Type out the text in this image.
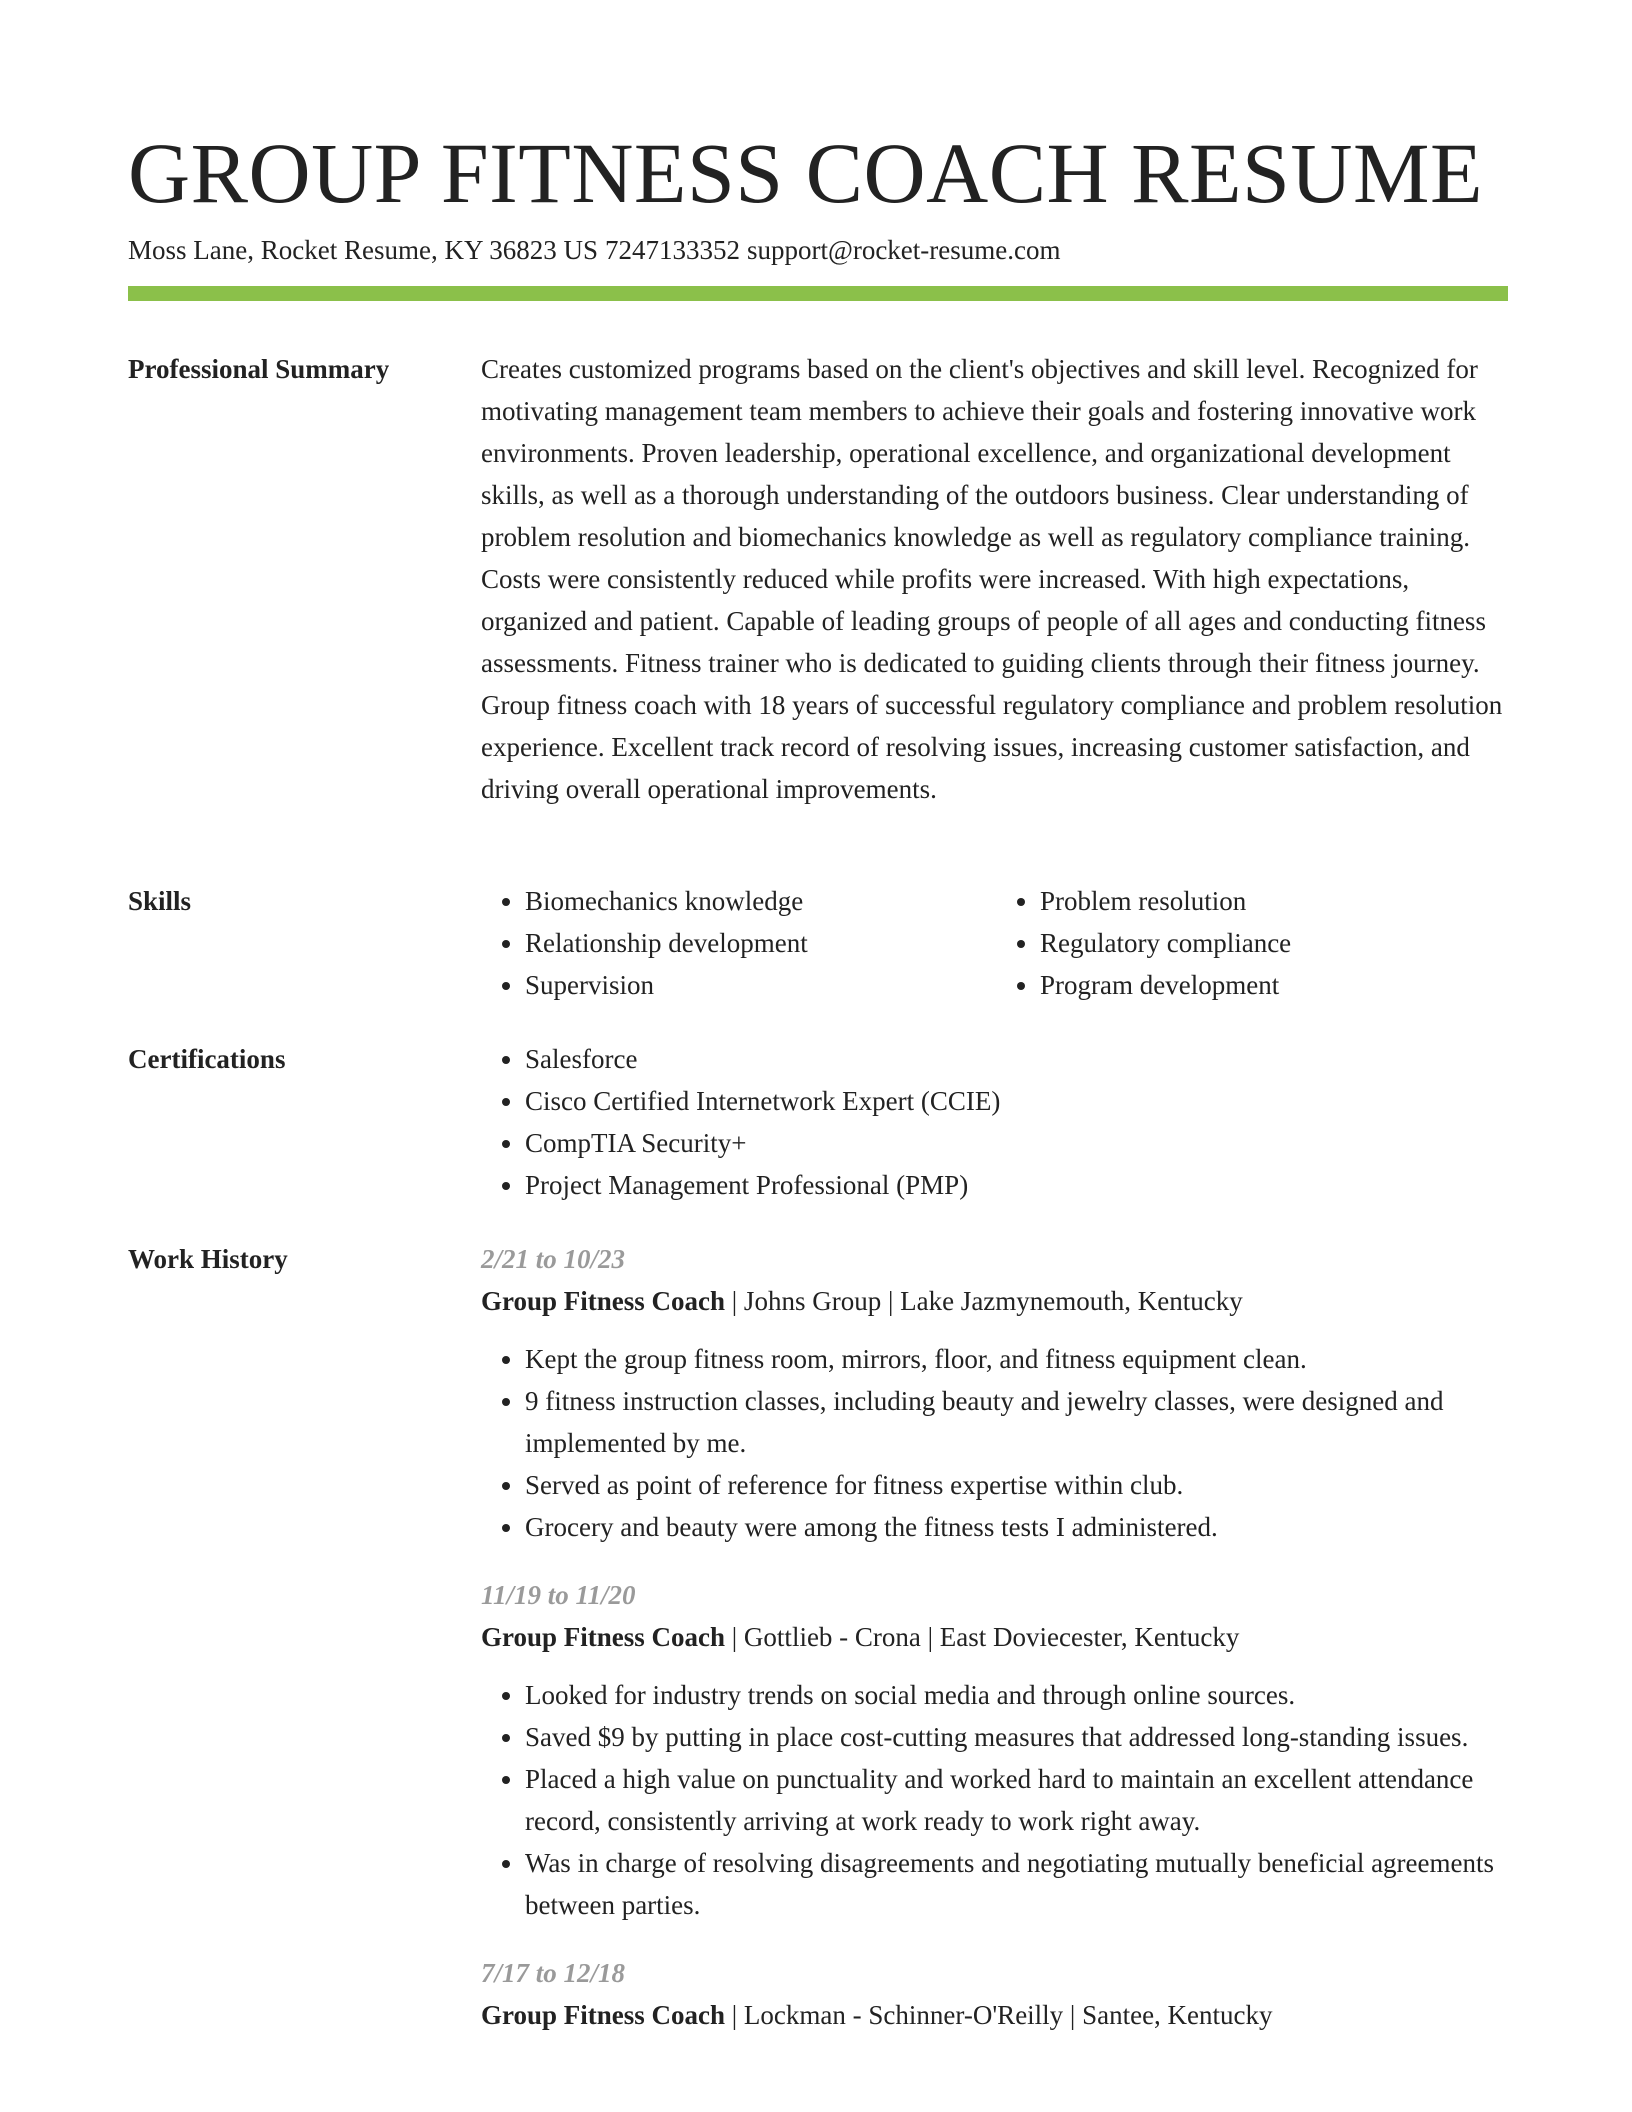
GROUP FITNESS COACH RESUME
Moss Lane, Rocket Resume, KY 36823 US 7247133352 support@rocket-resume.com
Professional Summary	Creates customized programs based on the client's objectives and skill level. Recognized for motivating management team members to achieve their goals and fostering innovative work environments. Proven leadership, operational excellence, and organizational development skills, as well as a thorough understanding of the outdoors business. Clear understanding of problem resolution and biomechanics knowledge as well as regulatory compliance training. Costs were consistently reduced while profits were increased. With high expectations, organized and patient. Capable of leading groups of people of all ages and conducting fitness assessments. Fitness trainer who is dedicated to guiding clients through their fitness journey. Group fitness coach with 18 years of successful regulatory compliance and problem resolution experience. Excellent track record of resolving issues, increasing customer satisfaction, and driving overall operational improvements.

Skills	• Biomechanics knowledge
• Relationship development
• Supervision
• Problem resolution
• Regulatory compliance
• Program development
Certifications	• Salesforce
• Cisco Certified Internetwork Expert (CCIE)
• CompTIA Security+
• Project Management Professional (PMP)
Work History	2/21 to 10/23
Group Fitness Coach | Johns Group | Lake Jazmynemouth, Kentucky
• Kept the group fitness room, mirrors, floor, and fitness equipment clean.
• 9 fitness instruction classes, including beauty and jewelry classes, were designed and implemented by me.
• Served as point of reference for fitness expertise within club.
• Grocery and beauty were among the fitness tests I administered.
11/19 to 11/20
Group Fitness Coach | Gottlieb - Crona | East Doviecester, Kentucky
• Looked for industry trends on social media and through online sources.
• Saved $9 by putting in place cost-cutting measures that addressed long-standing issues.
• Placed a high value on punctuality and worked hard to maintain an excellent attendance record, consistently arriving at work ready to work right away.
• Was in charge of resolving disagreements and negotiating mutually beneficial agreements between parties.
7/17 to 12/18
Group Fitness Coach | Lockman - Schinner-O'Reilly | Santee, Kentucky
